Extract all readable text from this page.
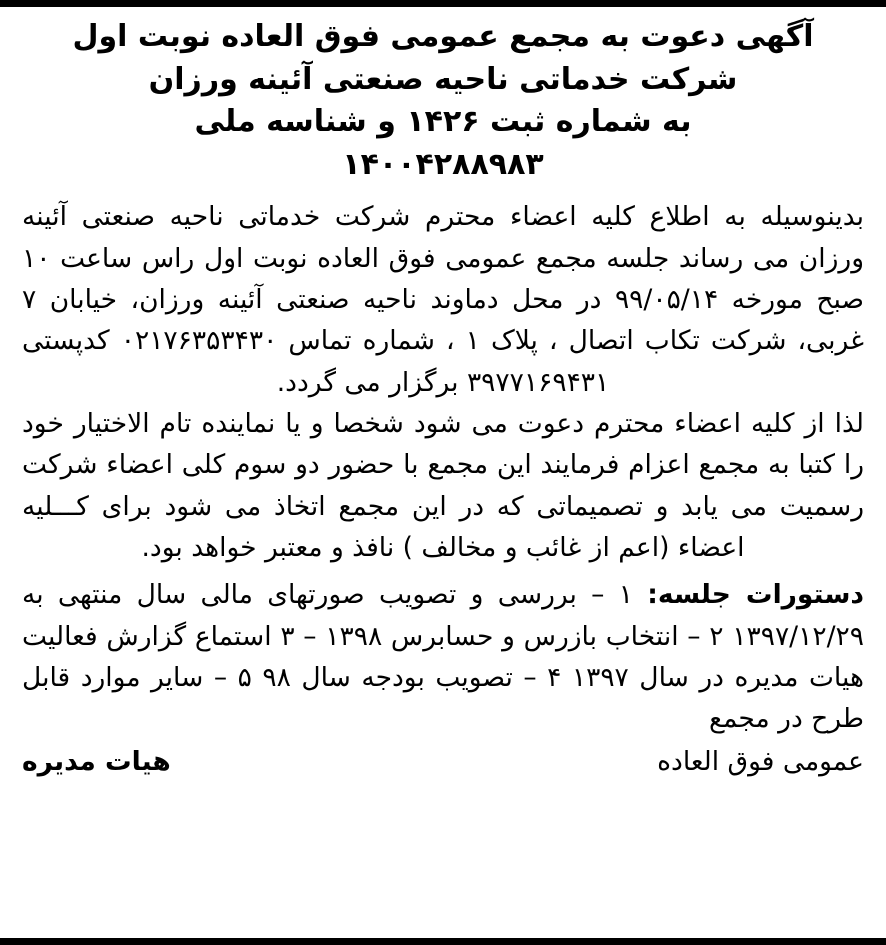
آگهی دعوت به مجمع عمومی فوق العاده نوبت اول
شرکت خدماتی ناحیه صنعتی آئینه ورزان
به شماره ثبت ۱۴۲۶ و شناسه ملی
۱۴۰۰۴۲۸۸۹۸۳

بدینوسیله به اطلاع کلیه اعضاء محترم شرکت خدماتی ناحیه صنعتی آئینه ورزان می رساند جلسه مجمع عمومی فوق العاده نوبت اول راس ساعت ۱۰ صبح مورخه ۹۹/۰۵/۱۴ در محل دماوند ناحیه صنعتی آئینه ورزان، خیابان ۷ غربی، شرکت تکاب اتصال ، پلاک ۱ ، شماره تماس ۰۲۱۷۶۳۵۳۴۳۰ کدپستی ۳۹۷۷۱۶۹۴۳۱ برگزار می گردد.

لذا از کلیه اعضاء محترم دعوت می شود شخصا و یا نماینده تام الاختیار خود را کتبا به مجمع اعزام فرمایند این مجمع با حضور دو سوم کلی اعضاء شرکت رسمیت می یابد و تصمیماتی که در این مجمع اتخاذ می شود برای کـــلیه اعضاء (اعم از غائب و مخالف ) نافذ و معتبر خواهد بود.

دستورات جلسه: ۱ – بررسی و تصویب صورتهای مالی سال منتهی به ۱۳۹۷/۱۲/۲۹ ۲ – انتخاب بازرس و حسابرس ۱۳۹۸ – ۳ استماع گزارش فعالیت هیات مدیره در سال ۱۳۹۷ ۴ – تصویب بودجه سال ۹۸ ۵ – سایر موارد قابل طرح در مجمع
هیات مدیره	عمومی فوق العاده
